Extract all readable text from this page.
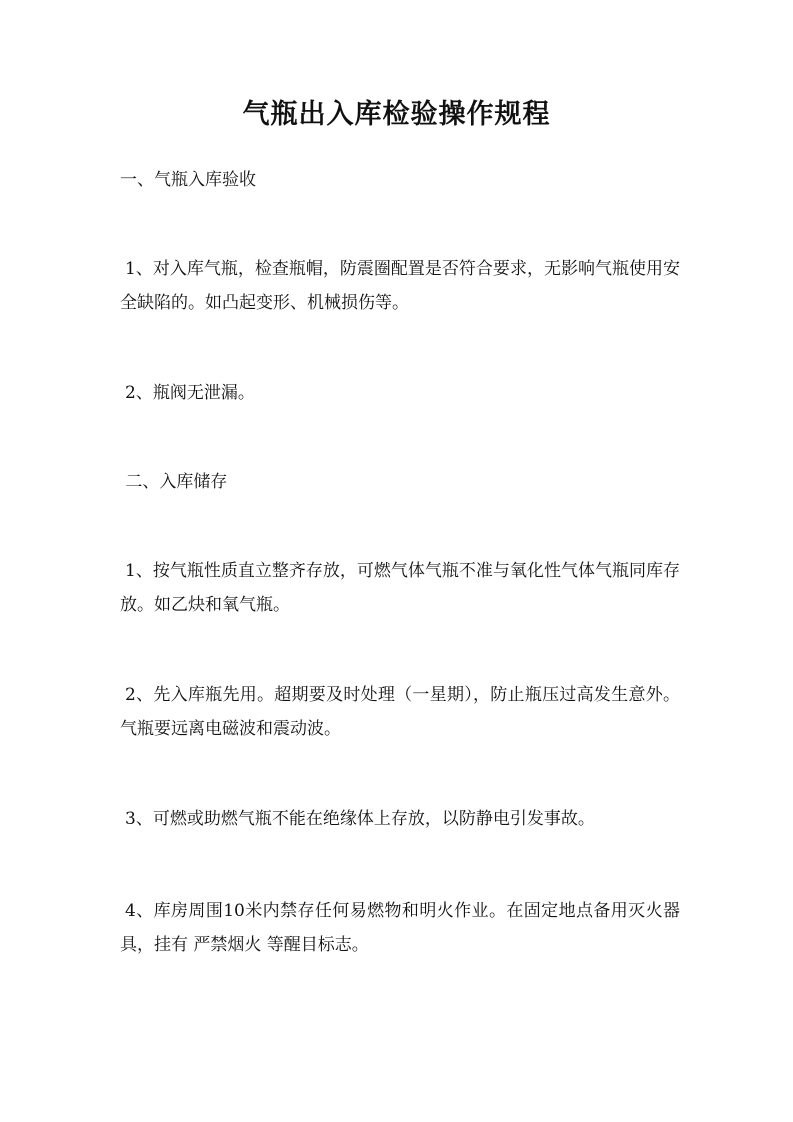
气瓶出入库检验操作规程

一、气瓶入库验收

1、对入库气瓶，检查瓶帽，防震圈配置是否符合要求，无影响气瓶使用安全缺陷的。如凸起变形、机械损伤等。

2、瓶阀无泄漏。

二、入库储存

1、按气瓶性质直立整齐存放，可燃气体气瓶不准与氧化性气体气瓶同库存放。如乙炔和氧气瓶。

2、先入库瓶先用。超期要及时处理（一星期），防止瓶压过高发生意外。气瓶要远离电磁波和震动波。

3、可燃或助燃气瓶不能在绝缘体上存放，以防静电引发事故。

4、库房周围10米内禁存任何易燃物和明火作业。在固定地点备用灭火器具，挂有 严禁烟火 等醒目标志。
